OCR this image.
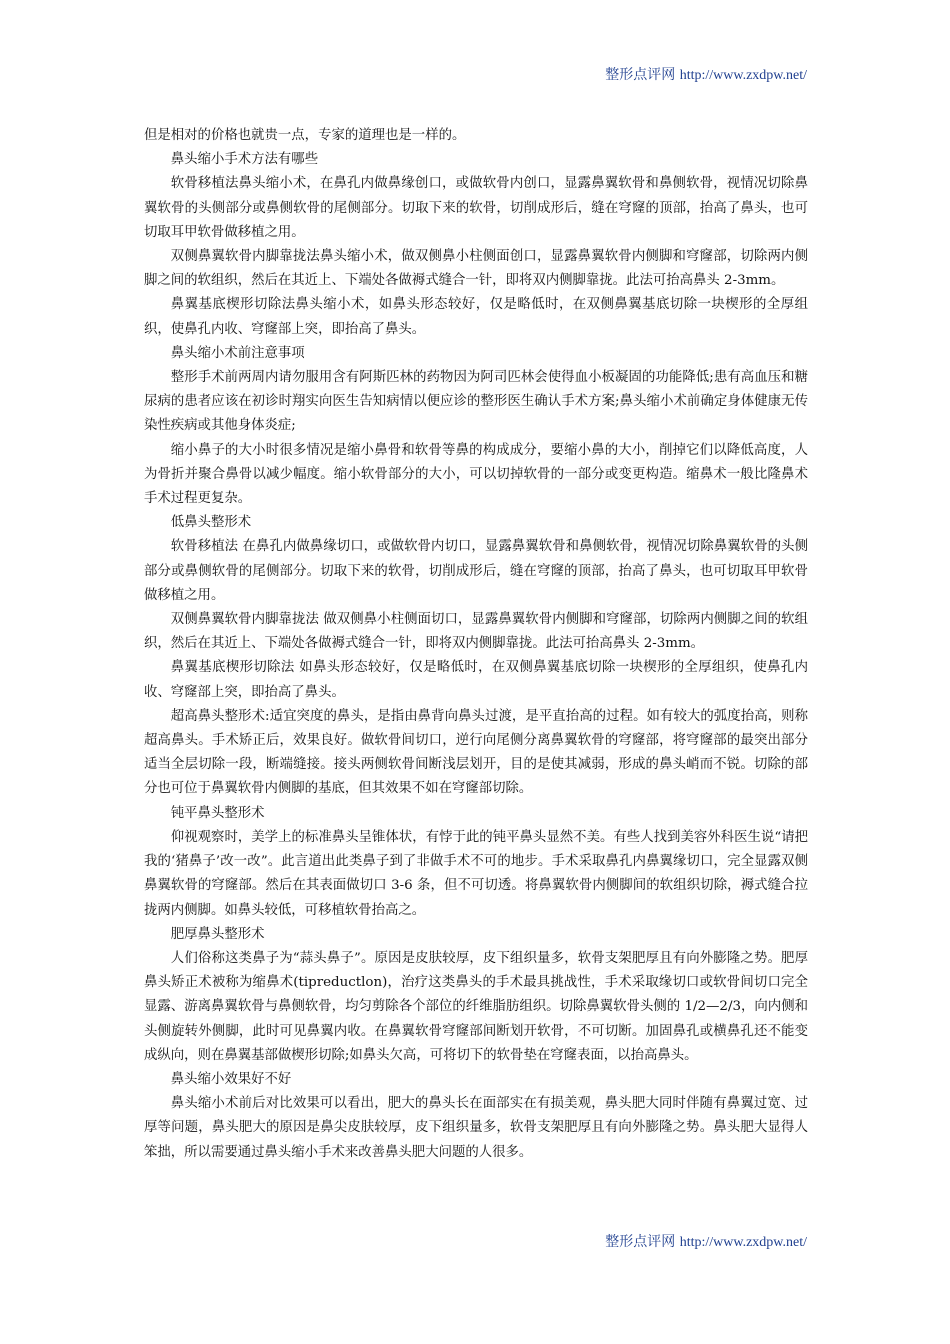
整形点评网 http://www.zxdpw.net/

但是相对的价格也就贵一点，专家的道理也是一样的。

鼻头缩小手术方法有哪些

软骨移植法鼻头缩小术，在鼻孔内做鼻缘创口，或做软骨内创口，显露鼻翼软骨和鼻侧软骨，视情况切除鼻翼软骨的头侧部分或鼻侧软骨的尾侧部分。切取下来的软骨，切削成形后，缝在穹窿的顶部，抬高了鼻头，也可切取耳甲软骨做移植之用。

双侧鼻翼软骨内脚靠拢法鼻头缩小术，做双侧鼻小柱侧面创口，显露鼻翼软骨内侧脚和穹窿部，切除两内侧脚之间的软组织，然后在其近上、下端处各做褥式缝合一针，即将双内侧脚靠拢。此法可抬高鼻头 2-3mm。

鼻翼基底楔形切除法鼻头缩小术，如鼻头形态较好，仅是略低时，在双侧鼻翼基底切除一块楔形的全厚组织，使鼻孔内收、穹窿部上突，即抬高了鼻头。

鼻头缩小术前注意事项

整形手术前两周内请勿服用含有阿斯匹林的药物因为阿司匹林会使得血小板凝固的功能降低;患有高血压和糖尿病的患者应该在初诊时翔实向医生告知病情以便应诊的整形医生确认手术方案;鼻头缩小术前确定身体健康无传染性疾病或其他身体炎症;

缩小鼻子的大小时很多情况是缩小鼻骨和软骨等鼻的构成成分，要缩小鼻的大小，削掉它们以降低高度，人为骨折并聚合鼻骨以减少幅度。缩小软骨部分的大小，可以切掉软骨的一部分或变更构造。缩鼻术一般比隆鼻术手术过程更复杂。

低鼻头整形术

软骨移植法 在鼻孔内做鼻缘切口，或做软骨内切口，显露鼻翼软骨和鼻侧软骨，视情况切除鼻翼软骨的头侧部分或鼻侧软骨的尾侧部分。切取下来的软骨，切削成形后，缝在穹窿的顶部，抬高了鼻头，也可切取耳甲软骨做移植之用。

双侧鼻翼软骨内脚靠拢法 做双侧鼻小柱侧面切口，显露鼻翼软骨内侧脚和穹窿部，切除两内侧脚之间的软组织，然后在其近上、下端处各做褥式缝合一针，即将双内侧脚靠拢。此法可抬高鼻头 2-3mm。

鼻翼基底楔形切除法 如鼻头形态较好，仅是略低时，在双侧鼻翼基底切除一块楔形的全厚组织，使鼻孔内收、穹窿部上突，即抬高了鼻头。

超高鼻头整形术:适宜突度的鼻头，是指由鼻背向鼻头过渡，是平直抬高的过程。如有较大的弧度抬高，则称超高鼻头。手术矫正后，效果良好。做软骨间切口，逆行向尾侧分离鼻翼软骨的穹窿部，将穹窿部的最突出部分适当全层切除一段，断端缝接。接头两侧软骨间断浅层划开，目的是使其减弱，形成的鼻头峭而不锐。切除的部分也可位于鼻翼软骨内侧脚的基底，但其效果不如在穹窿部切除。

钝平鼻头整形术

仰视观察时，美学上的标准鼻头呈锥体状，有悖于此的钝平鼻头显然不美。有些人找到美容外科医生说“请把我的‘猪鼻子’改一改”。此言道出此类鼻子到了非做手术不可的地步。手术采取鼻孔内鼻翼缘切口，完全显露双侧鼻翼软骨的穹窿部。然后在其表面做切口 3-6 条，但不可切透。将鼻翼软骨内侧脚间的软组织切除，褥式缝合拉拢两内侧脚。如鼻头较低，可移植软骨抬高之。

肥厚鼻头整形术

人们俗称这类鼻子为“蒜头鼻子”。原因是皮肤较厚，皮下组织量多，软骨支架肥厚且有向外膨隆之势。肥厚鼻头矫正术被称为缩鼻术(tipreductlon)，治疗这类鼻头的手术最具挑战性，手术采取缘切口或软骨间切口完全显露、游离鼻翼软骨与鼻侧软骨，均匀剪除各个部位的纤维脂肪组织。切除鼻翼软骨头侧的 1/2—2/3，向内侧和头侧旋转外侧脚，此时可见鼻翼内收。在鼻翼软骨穹窿部间断划开软骨，不可切断。加固鼻孔或横鼻孔还不能变成纵向，则在鼻翼基部做楔形切除;如鼻头欠高，可将切下的软骨垫在穹窿表面，以抬高鼻头。

鼻头缩小效果好不好

鼻头缩小术前后对比效果可以看出，肥大的鼻头长在面部实在有损美观，鼻头肥大同时伴随有鼻翼过宽、过厚等问题，鼻头肥大的原因是鼻尖皮肤较厚，皮下组织量多，软骨支架肥厚且有向外膨隆之势。鼻头肥大显得人笨拙，所以需要通过鼻头缩小手术来改善鼻头肥大问题的人很多。

整形点评网 http://www.zxdpw.net/
